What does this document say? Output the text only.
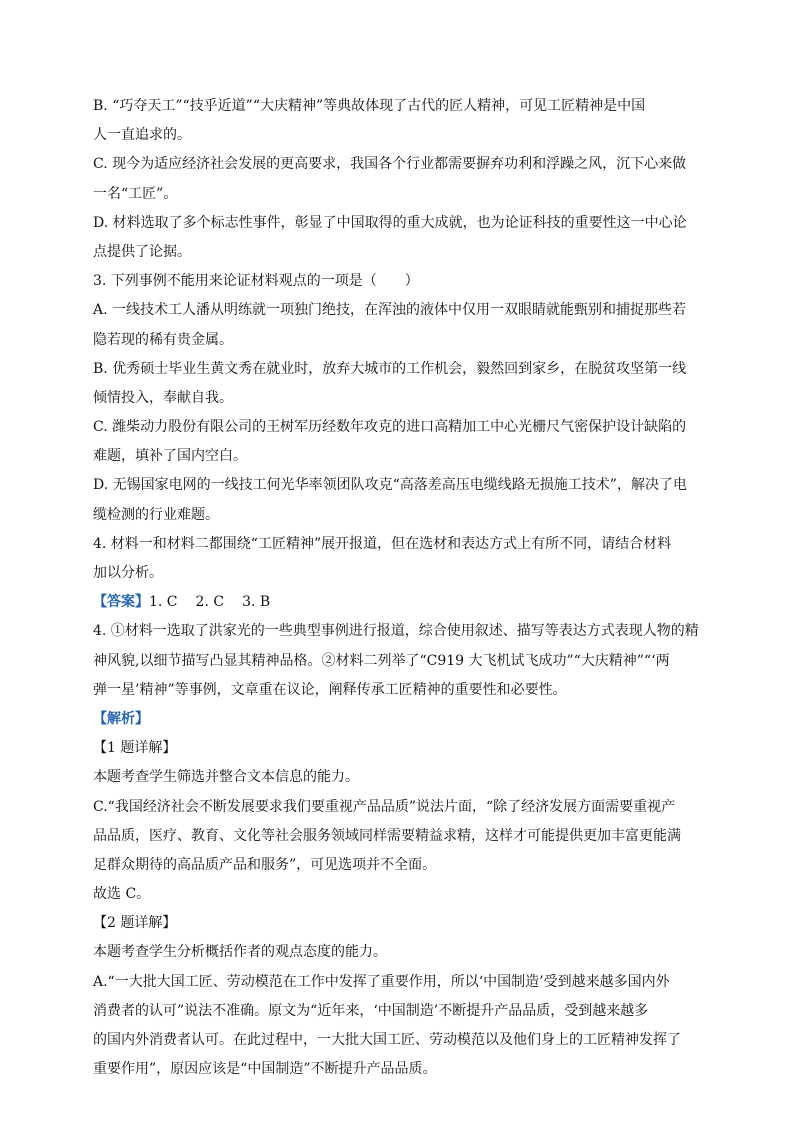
B. “巧夺天工”“技乎近道”“大庆精神”等典故体现了古代的匠人精神，可见工匠精神是中国
人一直追求的。
C. 现今为适应经济社会发展的更高要求，我国各个行业都需要摒弃功利和浮躁之风，沉下心来做
一名“工匠”。
D. 材料选取了多个标志性事件，彰显了中国取得的重大成就，也为论证科技的重要性这一中心论
点提供了论据。
3. 下列事例不能用来论证材料观点的一项是（　　）
A. 一线技术工人潘从明练就一项独门绝技，在浑浊的液体中仅用一双眼睛就能甄别和捕捉那些若
隐若现的稀有贵金属。
B. 优秀硕士毕业生黄文秀在就业时，放弃大城市的工作机会，毅然回到家乡，在脱贫攻坚第一线
倾情投入，奉献自我。
C. 潍柴动力股份有限公司的王树军历经数年攻克的进口高精加工中心光栅尺气密保护设计缺陷的
难题，填补了国内空白。
D. 无锡国家电网的一线技工何光华率领团队攻克“高落差高压电缆线路无损施工技术”，解决了电
缆检测的行业难题。
4. 材料一和材料二都围绕“工匠精神”展开报道，但在选材和表达方式上有所不同，请结合材料
加以分析。
【答案】1. C 2. C 3. B
4. ①材料一选取了洪家光的一些典型事例进行报道，综合使用叙述、描写等表达方式表现人物的精
神风貌,以细节描写凸显其精神品格。②材料二列举了“C919 大飞机试飞成功”“大庆精神”“‘两
弹一星’精神”等事例，文章重在议论，阐释传承工匠精神的重要性和必要性。
【解析】
【1 题详解】
本题考查学生筛选并整合文本信息的能力。
C.“我国经济社会不断发展要求我们要重视产品品质”说法片面，“除了经济发展方面需要重视产
品品质，医疗、教育、文化等社会服务领域同样需要精益求精，这样才可能提供更加丰富更能满
足群众期待的高品质产品和服务”，可见选项并不全面。
故选 C。
【2 题详解】
本题考查学生分析概括作者的观点态度的能力。
A.“一大批大国工匠、劳动模范在工作中发挥了重要作用，所以‘中国制造’受到越来越多国内外
消费者的认可”说法不准确。原文为“近年来，‘中国制造’不断提升产品品质，受到越来越多
的国内外消费者认可。在此过程中，一大批大国工匠、劳动模范以及他们身上的工匠精神发挥了
重要作用”，原因应该是“中国制造”不断提升产品品质。
